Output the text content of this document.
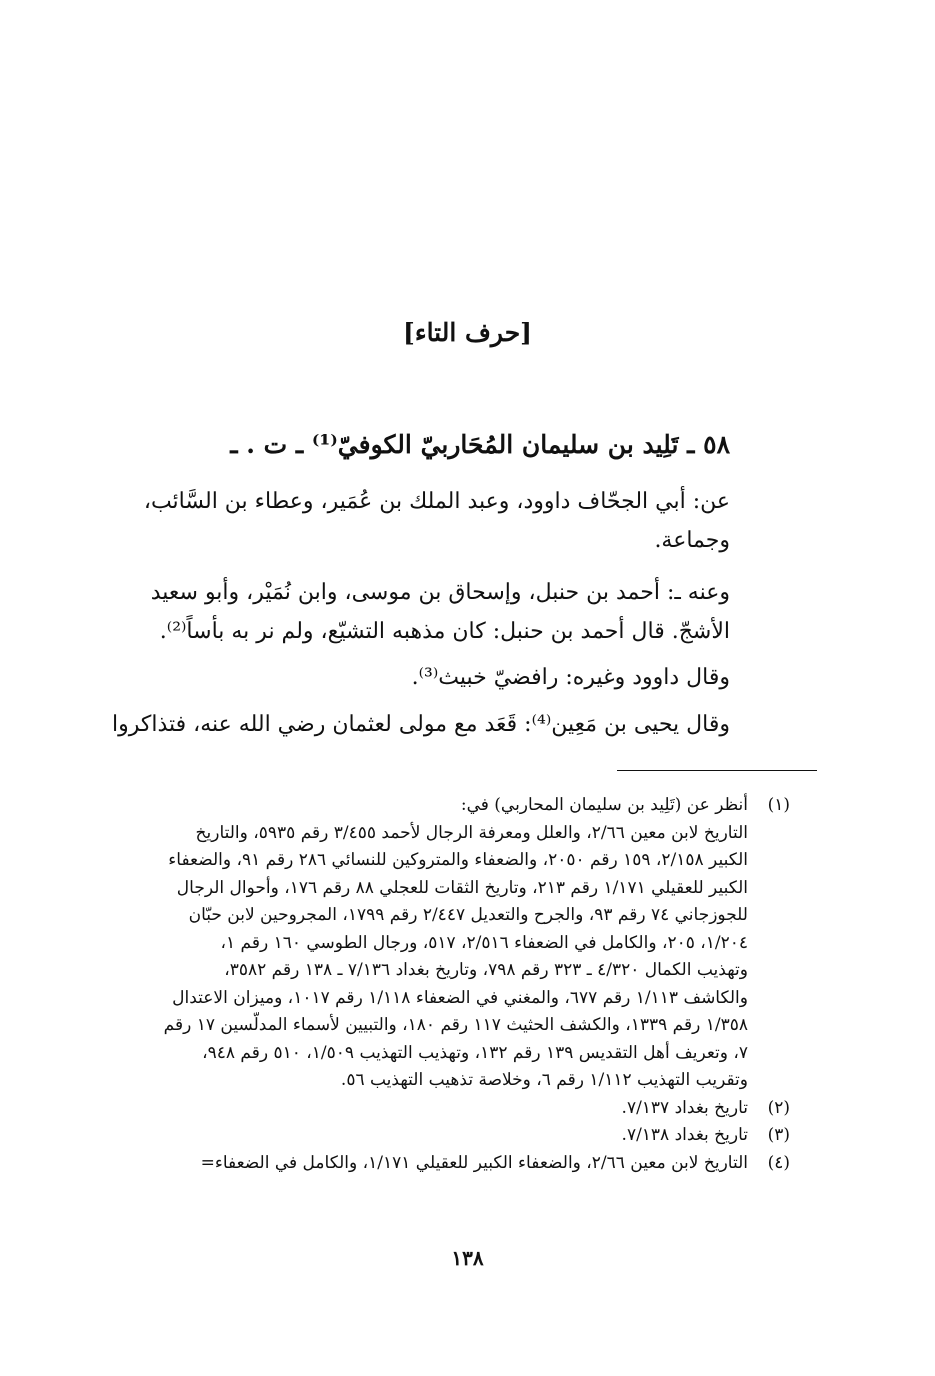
[حرف التاء]
٥٨ ـ تَلِيد بن سليمان المُحَاربيّ الكوفيّ⁽¹⁾ ـ ت . ـ
عن: أبي الجحّاف داوود، وعبد الملك بن عُمَير، وعطاء بن السَّائب،
وجماعة.
وعنه ـ: أحمد بن حنبل، وإسحاق بن موسى، وابن نُمَيْر، وأبو سعيد
الأشجّ. قال أحمد بن حنبل: كان مذهبه التشيّع، ولم نر به بأساً⁽²⁾.
وقال داوود وغيره: رافضيّ خبيث⁽³⁾.
وقال يحيى بن مَعِين⁽⁴⁾: قَعَد مع مولى لعثمان رضي الله عنه، فتذاكروا
(١)
أنظر عن (تَلِيد بن سليمان المحاربي) في:
التاريخ لابن معين ٢/٦٦، والعلل ومعرفة الرجال لأحمد ٣/٤٥٥ رقم ٥٩٣٥، والتاريخ
الكبير ٢/١٥٨، ١٥٩ رقم ٢٠٥٠، والضعفاء والمتروكين للنسائي ٢٨٦ رقم ٩١، والضعفاء
الكبير للعقيلي ١/١٧١ رقم ٢١٣، وتاريخ الثقات للعجلي ٨٨ رقم ١٧٦، وأحوال الرجال
للجوزجاني ٧٤ رقم ٩٣، والجرح والتعديل ٢/٤٤٧ رقم ١٧٩٩، المجروحين لابن حبّان
١/٢٠٤، ٢٠٥، والكامل في الضعفاء ٢/٥١٦، ٥١٧، ورجال الطوسي ١٦٠ رقم ١،
وتهذيب الكمال ٤/٣٢٠ ـ ٣٢٣ رقم ٧٩٨، وتاريخ بغداد ٧/١٣٦ ـ ١٣٨ رقم ٣٥٨٢،
والكاشف ١/١١٣ رقم ٦٧٧، والمغني في الضعفاء ١/١١٨ رقم ١٠١٧، وميزان الاعتدال
١/٣٥٨ رقم ١٣٣٩، والكشف الحثيث ١١٧ رقم ١٨٠، والتبيين لأسماء المدلّسين ١٧ رقم
٧، وتعريف أهل التقديس ١٣٩ رقم ١٣٢، وتهذيب التهذيب ١/٥٠٩، ٥١٠ رقم ٩٤٨،
وتقريب التهذيب ١/١١٢ رقم ٦، وخلاصة تذهيب التهذيب ٥٦.
(٢)
تاريخ بغداد ٧/١٣٧.
(٣)
تاريخ بغداد ٧/١٣٨.
(٤)
التاريخ لابن معين ٢/٦٦، والضعفاء الكبير للعقيلي ١/١٧١، والكامل في الضعفاء=
١٣٨
